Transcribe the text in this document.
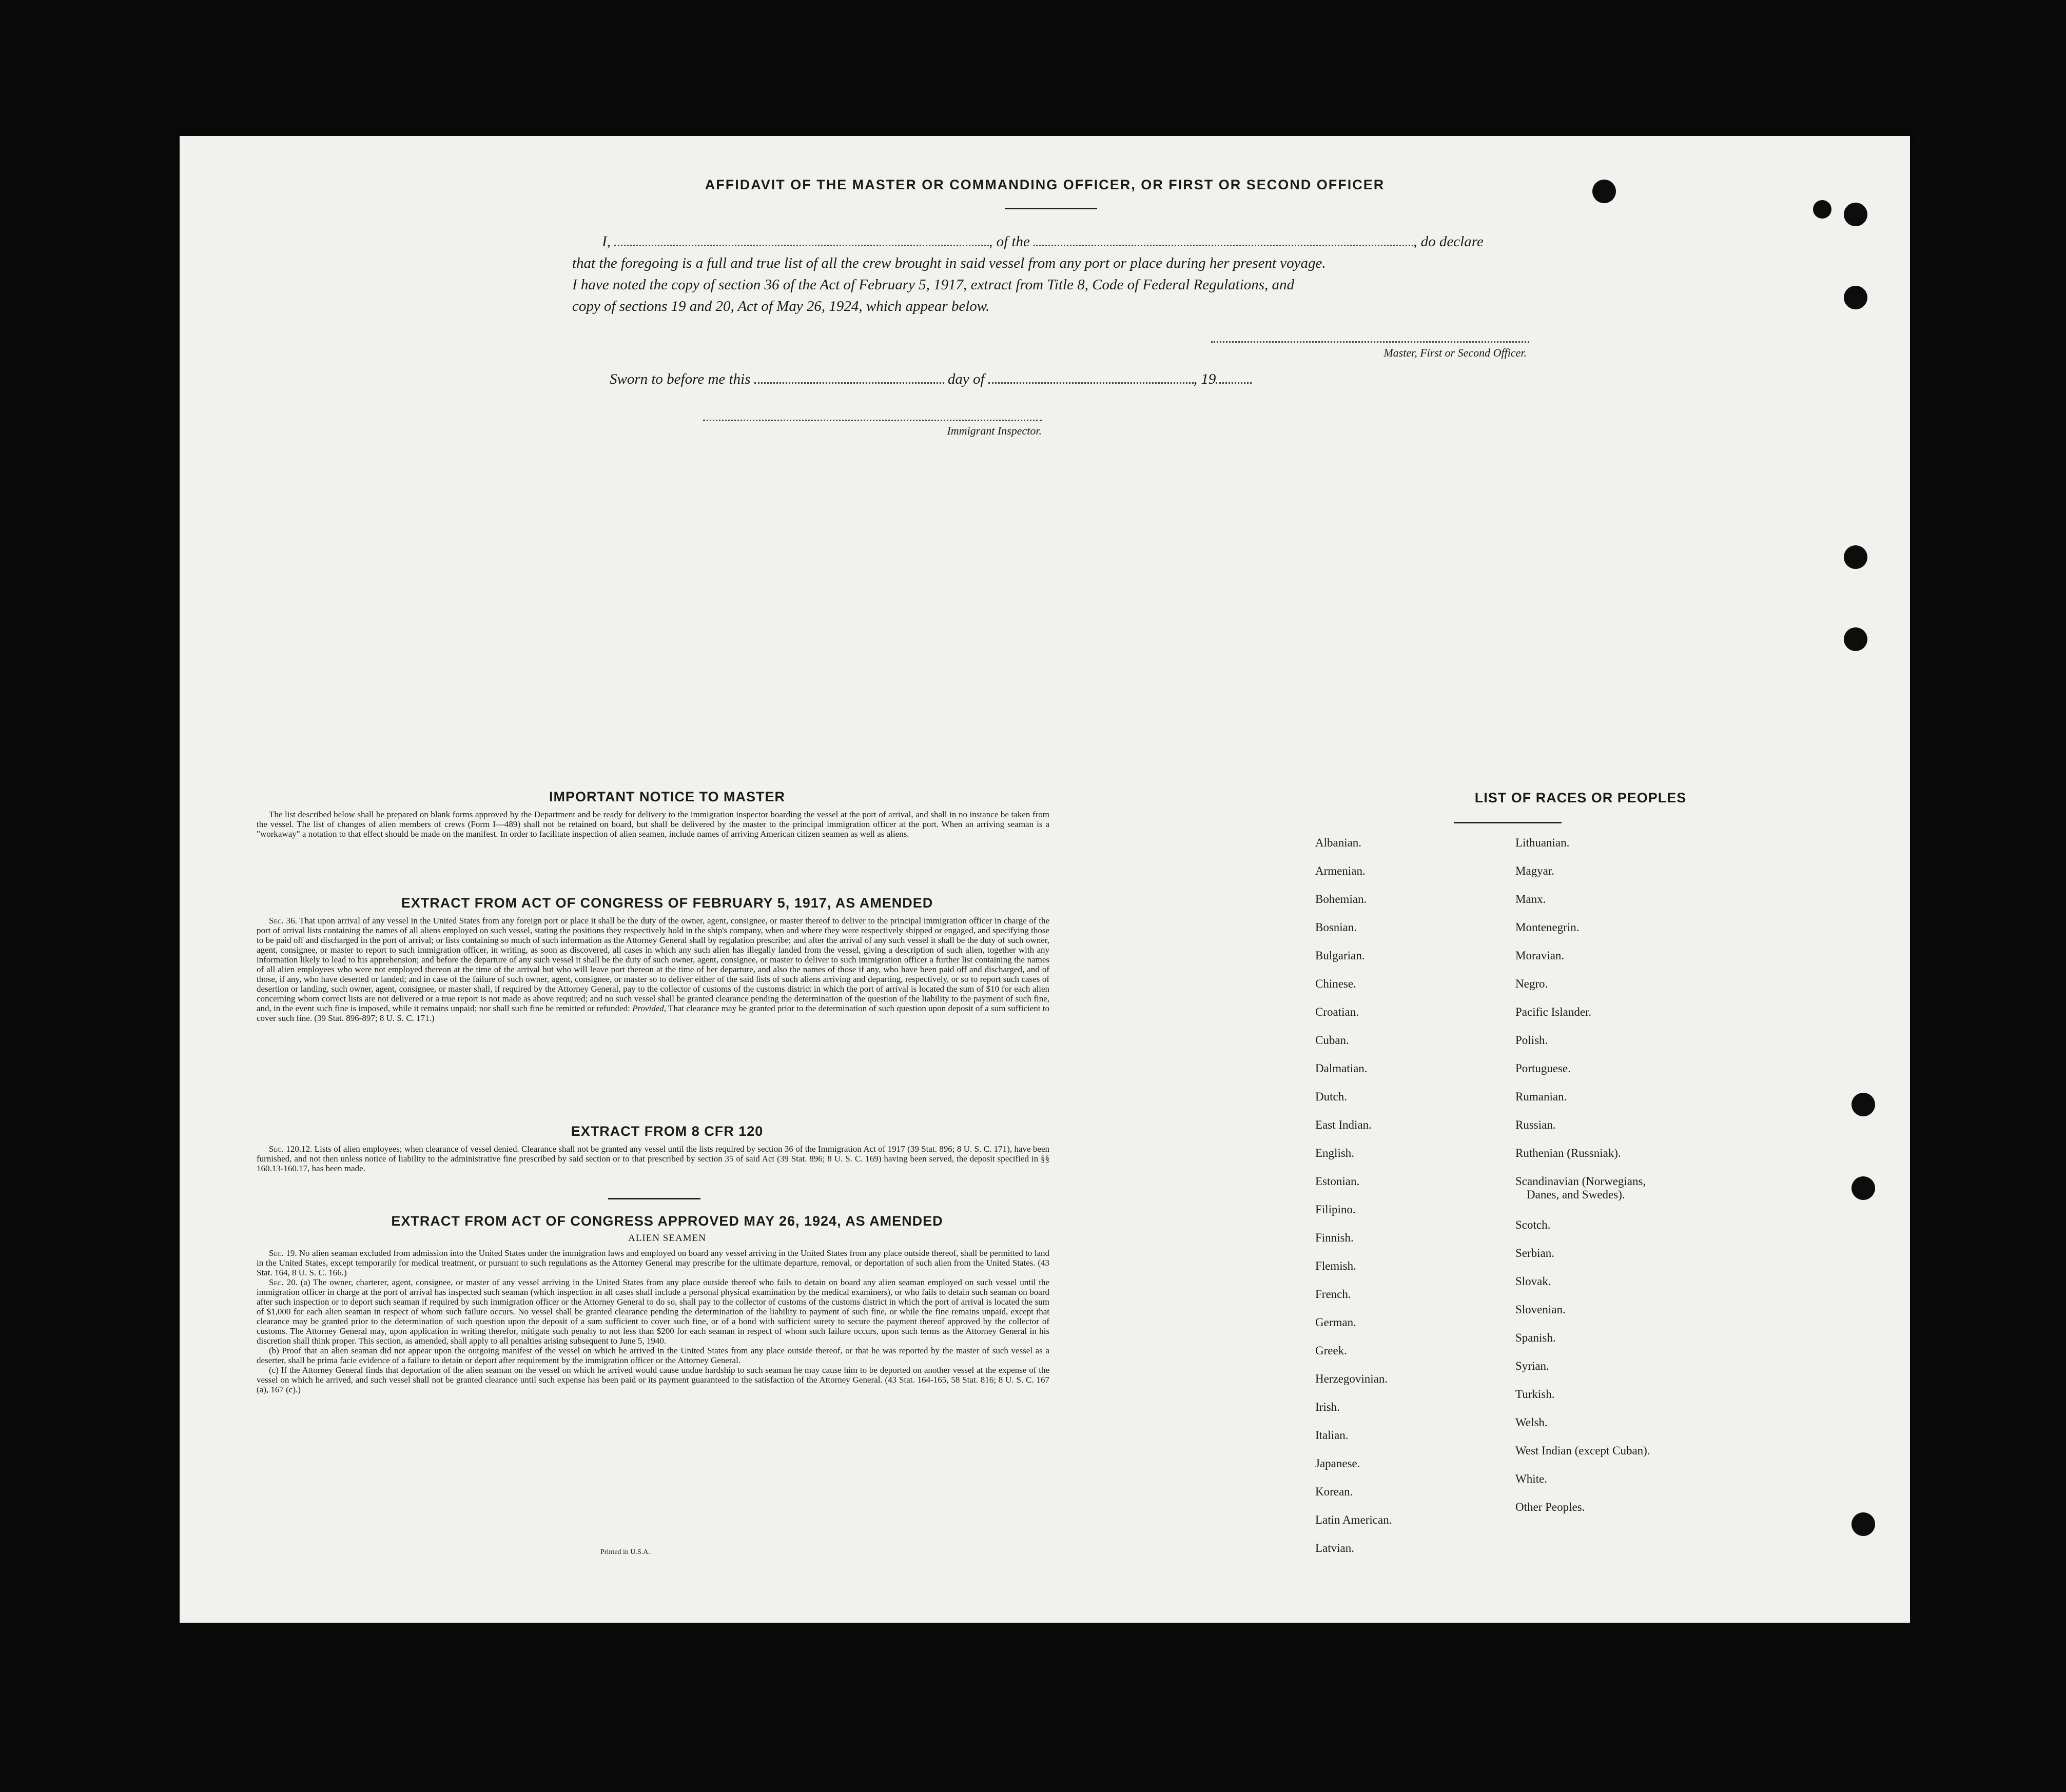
AFFIDAVIT OF THE MASTER OR COMMANDING OFFICER, OR FIRST OR SECOND OFFICER
I,	, of the	, do declare
that the foregoing is a full and true list of all the crew brought in said vessel from any port or place during her present voyage.
I have noted the copy of section 36 of the Act of February 5, 1917, extract from Title 8, Code of Federal Regulations, and
copy of sections 19 and 20, Act of May 26, 1924, which appear below.
Master, First or Second Officer.
Sworn to before me this	day of	, 19
Immigrant Inspector.
IMPORTANT NOTICE TO MASTER

The list described below shall be prepared on blank forms approved by the Department and be ready for delivery to the immigration inspector boarding the vessel at the port of arrival, and shall in no instance be taken from the vessel. The list of changes of alien members of crews (Form I—489) shall not be retained on board, but shall be delivered by the master to the principal immigration officer at the port. When an arriving seaman is a "workaway" a notation to that effect should be made on the manifest. In order to facilitate inspection of alien seamen, include names of arriving American citizen seamen as well as aliens.

EXTRACT FROM ACT OF CONGRESS OF FEBRUARY 5, 1917, AS AMENDED

Sec. 36. That upon arrival of any vessel in the United States from any foreign port or place it shall be the duty of the owner, agent, consignee, or master thereof to deliver to the principal immigration officer in charge of the port of arrival lists containing the names of all aliens employed on such vessel, stating the positions they respectively hold in the ship's company, when and where they were respectively shipped or engaged, and specifying those to be paid off and discharged in the port of arrival; or lists containing so much of such information as the Attorney General shall by regulation prescribe; and after the arrival of any such vessel it shall be the duty of such owner, agent, consignee, or master to report to such immigration officer, in writing, as soon as discovered, all cases in which any such alien has illegally landed from the vessel, giving a description of such alien, together with any information likely to lead to his apprehension; and before the departure of any such vessel it shall be the duty of such owner, agent, consignee, or master to deliver to such immigration officer a further list containing the names of all alien employees who were not employed thereon at the time of the arrival but who will leave port thereon at the time of her departure, and also the names of those if any, who have been paid off and discharged, and of those, if any, who have deserted or landed; and in case of the failure of such owner, agent, consignee, or master so to deliver either of the said lists of such aliens arriving and departing, respectively, or so to report such cases of desertion or landing, such owner, agent, consignee, or master shall, if required by the Attorney General, pay to the collector of customs of the customs district in which the port of arrival is located the sum of $10 for each alien concerning whom correct lists are not delivered or a true report is not made as above required; and no such vessel shall be granted clearance pending the determination of the question of the liability to the payment of such fine, and, in the event such fine is imposed, while it remains unpaid; nor shall such fine be remitted or refunded: Provided, That clearance may be granted prior to the determination of such question upon deposit of a sum sufficient to cover such fine. (39 Stat. 896-897; 8 U. S. C. 171.)

EXTRACT FROM 8 CFR 120

Sec. 120.12. Lists of alien employees; when clearance of vessel denied. Clearance shall not be granted any vessel until the lists required by section 36 of the Immigration Act of 1917 (39 Stat. 896; 8 U. S. C. 171), have been furnished, and not then unless notice of liability to the administrative fine prescribed by said section or to that prescribed by section 35 of said Act (39 Stat. 896; 8 U. S. C. 169) having been served, the deposit specified in §§ 160.13-160.17, has been made.

EXTRACT FROM ACT OF CONGRESS APPROVED MAY 26, 1924, AS AMENDED
ALIEN SEAMEN

Sec. 19. No alien seaman excluded from admission into the United States under the immigration laws and employed on board any vessel arriving in the United States from any place outside thereof, shall be permitted to land in the United States, except temporarily for medical treatment, or pursuant to such regulations as the Attorney General may prescribe for the ultimate departure, removal, or deportation of such alien from the United States. (43 Stat. 164, 8 U. S. C. 166.)

Sec. 20. (a) The owner, charterer, agent, consignee, or master of any vessel arriving in the United States from any place outside thereof who fails to detain on board any alien seaman employed on such vessel until the immigration officer in charge at the port of arrival has inspected such seaman (which inspection in all cases shall include a personal physical examination by the medical examiners), or who fails to detain such seaman on board after such inspection or to deport such seaman if required by such immigration officer or the Attorney General to do so, shall pay to the collector of customs of the customs district in which the port of arrival is located the sum of $1,000 for each alien seaman in respect of whom such failure occurs. No vessel shall be granted clearance pending the determination of the liability to payment of such fine, or while the fine remains unpaid, except that clearance may be granted prior to the determination of such question upon the deposit of a sum sufficient to cover such fine, or of a bond with sufficient surety to secure the payment thereof approved by the collector of customs. The Attorney General may, upon application in writing therefor, mitigate such penalty to not less than $200 for each seaman in respect of whom such failure occurs, upon such terms as the Attorney General in his discretion shall think proper. This section, as amended, shall apply to all penalties arising subsequent to June 5, 1940.

(b) Proof that an alien seaman did not appear upon the outgoing manifest of the vessel on which he arrived in the United States from any place outside thereof, or that he was reported by the master of such vessel as a deserter, shall be prima facie evidence of a failure to detain or deport after requirement by the immigration officer or the Attorney General.

(c) If the Attorney General finds that deportation of the alien seaman on the vessel on which he arrived would cause undue hardship to such seaman he may cause him to be deported on another vessel at the expense of the vessel on which he arrived, and such vessel shall not be granted clearance until such expense has been paid or its payment guaranteed to the satisfaction of the Attorney General. (43 Stat. 164-165, 58 Stat. 816; 8 U. S. C. 167 (a), 167 (c).)

Printed in U.S.A.
LIST OF RACES OR PEOPLES
Albanian.
Armenian.
Bohemian.
Bosnian.
Bulgarian.
Chinese.
Croatian.
Cuban.
Dalmatian.
Dutch.
East Indian.
English.
Estonian.
Filipino.
Finnish.
Flemish.
French.
German.
Greek.
Herzegovinian.
Irish.
Italian.
Japanese.
Korean.
Latin American.
Latvian.
Lithuanian.
Magyar.
Manx.
Montenegrin.
Moravian.
Negro.
Pacific Islander.
Polish.
Portuguese.
Rumanian.
Russian.
Ruthenian (Russniak).
Scandinavian (Norwegians,
Danes, and Swedes).
Scotch.
Serbian.
Slovak.
Slovenian.
Spanish.
Syrian.
Turkish.
Welsh.
West Indian (except Cuban).
White.
Other Peoples.
